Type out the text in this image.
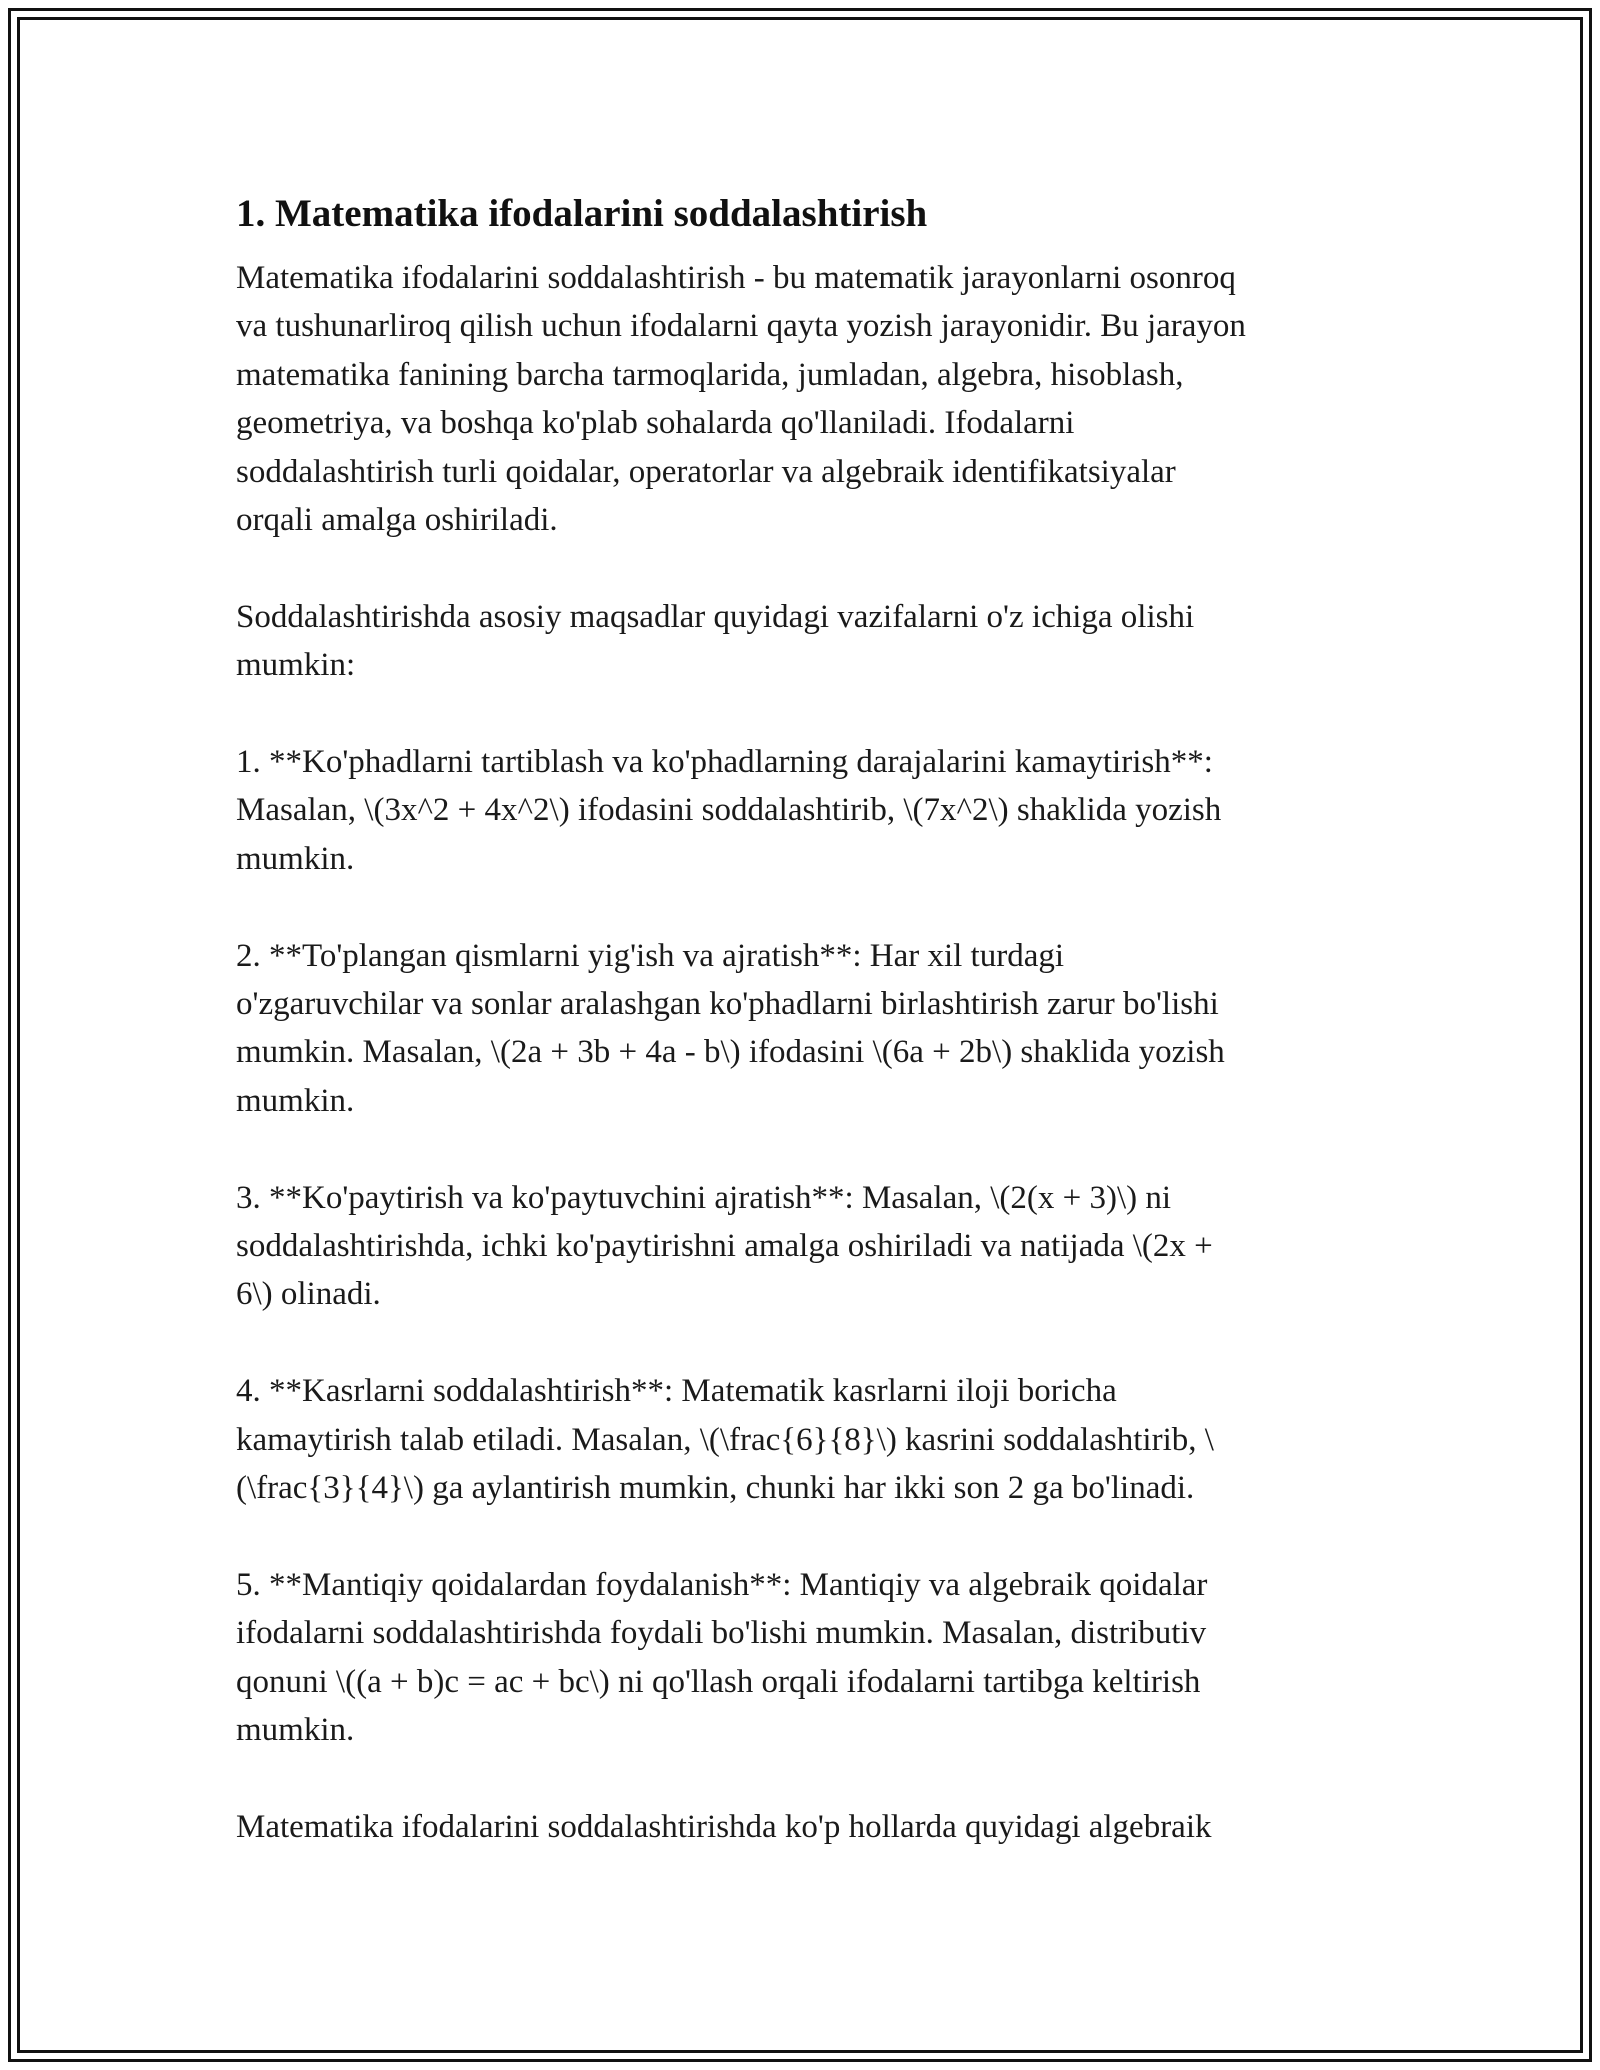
1. Matematika ifodalarini soddalashtirish

Matematika ifodalarini soddalashtirish - bu matematik jarayonlarni osonroq
va tushunarliroq qilish uchun ifodalarni qayta yozish jarayonidir. Bu jarayon
matematika fanining barcha tarmoqlarida, jumladan, algebra, hisoblash,
geometriya, va boshqa ko'plab sohalarda qo'llaniladi. Ifodalarni
soddalashtirish turli qoidalar, operatorlar va algebraik identifikatsiyalar
orqali amalga oshiriladi.

Soddalashtirishda asosiy maqsadlar quyidagi vazifalarni o'z ichiga olishi
mumkin:

1. **Ko'phadlarni tartiblash va ko'phadlarning darajalarini kamaytirish**:
Masalan, \(3x^2 + 4x^2\) ifodasini soddalashtirib, \(7x^2\) shaklida yozish
mumkin.

2. **To'plangan qismlarni yig'ish va ajratish**: Har xil turdagi
o'zgaruvchilar va sonlar aralashgan ko'phadlarni birlashtirish zarur bo'lishi
mumkin. Masalan, \(2a + 3b + 4a - b\) ifodasini \(6a + 2b\) shaklida yozish
mumkin.

3. **Ko'paytirish va ko'paytuvchini ajratish**: Masalan, \(2(x + 3)\) ni
soddalashtirishda, ichki ko'paytirishni amalga oshiriladi va natijada \(2x +
6\) olinadi.

4. **Kasrlarni soddalashtirish**: Matematik kasrlarni iloji boricha
kamaytirish talab etiladi. Masalan, \(\frac{6}{8}\) kasrini soddalashtirib, \
(\frac{3}{4}\) ga aylantirish mumkin, chunki har ikki son 2 ga bo'linadi.

5. **Mantiqiy qoidalardan foydalanish**: Mantiqiy va algebraik qoidalar
ifodalarni soddalashtirishda foydali bo'lishi mumkin. Masalan, distributiv
qonuni \((a + b)c = ac + bc\) ni qo'llash orqali ifodalarni tartibga keltirish
mumkin.

Matematika ifodalarini soddalashtirishda ko'p hollarda quyidagi algebraik
